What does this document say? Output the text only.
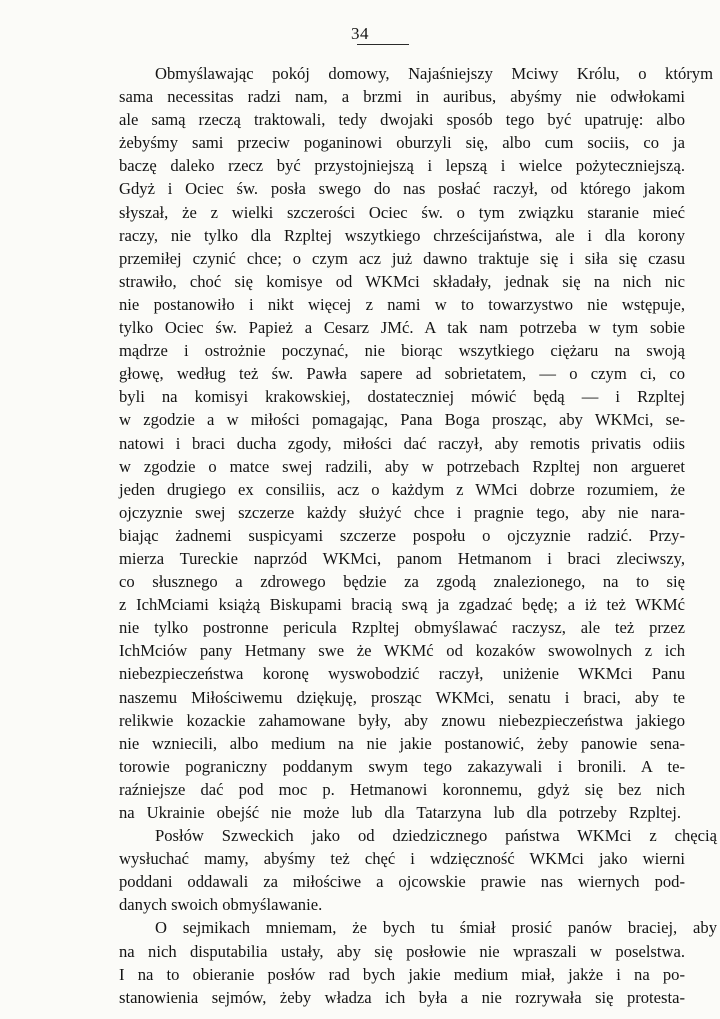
34
Obmyślawając pokój domowy, Najaśniejszy Mciwy Królu, o którym
sama necessitas radzi nam, a brzmi in auribus, abyśmy nie odwłokami
ale samą rzeczą traktowali, tedy dwojaki sposób tego być upatruję: albo
żebyśmy sami przeciw poganinowi oburzyli się, albo cum sociis, co ja
baczę daleko rzecz być przystojniejszą i lepszą i wielce pożyteczniejszą.
Gdyż i Ociec św. posła swego do nas posłać raczył, od którego jakom
słyszał, że z wielki szczerości Ociec św. o tym związku staranie mieć
raczy, nie tylko dla Rzpltej wszytkiego chrześcijaństwa, ale i dla korony
przemiłej czynić chce; o czym acz już dawno traktuje się i siła się czasu
strawiło, choć się komisye od WKMci składały, jednak się na nich nic
nie postanowiło i nikt więcej z nami w to towarzystwo nie wstępuje,
tylko Ociec św. Papież a Cesarz JMć. A tak nam potrzeba w tym sobie
mądrze i ostrożnie poczynać, nie biorąc wszytkiego ciężaru na swoją
głowę, według też św. Pawła sapere ad sobrietatem, — o czym ci, co
byli na komisyi krakowskiej, dostateczniej mówić będą — i Rzpltej
w zgodzie a w miłości pomagając, Pana Boga prosząc, aby WKMci, se-
natowi i braci ducha zgody, miłości dać raczył, aby remotis privatis odiis
w zgodzie o matce swej radzili, aby w potrzebach Rzpltej non argueret
jeden drugiego ex consiliis, acz o każdym z WMci dobrze rozumiem, że
ojczyznie swej szczerze każdy służyć chce i pragnie tego, aby nie nara-
biając żadnemi suspicyami szczerze pospołu o ojczyznie radzić. Przy-
mierza Tureckie naprzód WKMci, panom Hetmanom i braci zleciwszy,
co słusznego a zdrowego będzie za zgodą znalezionego, na to się
z IchMciami książą Biskupami bracią swą ja zgadzać będę; a iż też WKMć
nie tylko postronne pericula Rzpltej obmyślawać raczysz, ale też przez
IchMciów pany Hetmany swe że WKMć od kozaków swowolnych z ich
niebezpieczeństwa koronę wyswobodzić raczył, uniżenie WKMci Panu
naszemu Miłościwemu dziękuję, prosząc WKMci, senatu i braci, aby te
relikwie kozackie zahamowane były, aby znowu niebezpieczeństwa jakiego
nie wzniecili, albo medium na nie jakie postanowić, żeby panowie sena-
torowie pograniczny poddanym swym tego zakazywali i bronili. A te-
raźniejsze dać pod moc p. Hetmanowi koronnemu, gdyż się bez nich
na Ukrainie obejść nie może lub dla Tatarzyna lub dla potrzeby Rzpltej.
Posłów Szweckich jako od dziedzicznego państwa WKMci z chęcią
wysłuchać mamy, abyśmy też chęć i wdzięczność WKMci jako wierni
poddani oddawali za miłościwe a ojcowskie prawie nas wiernych pod-
danych swoich obmyślawanie.
O sejmikach mniemam, że bych tu śmiał prosić panów braciej, aby
na nich disputabilia ustały, aby się posłowie nie wpraszali w poselstwa.
I na to obieranie posłów rad bych jakie medium miał, jakże i na po-
stanowienia sejmów, żeby władza ich była a nie rozrywała się protesta-
